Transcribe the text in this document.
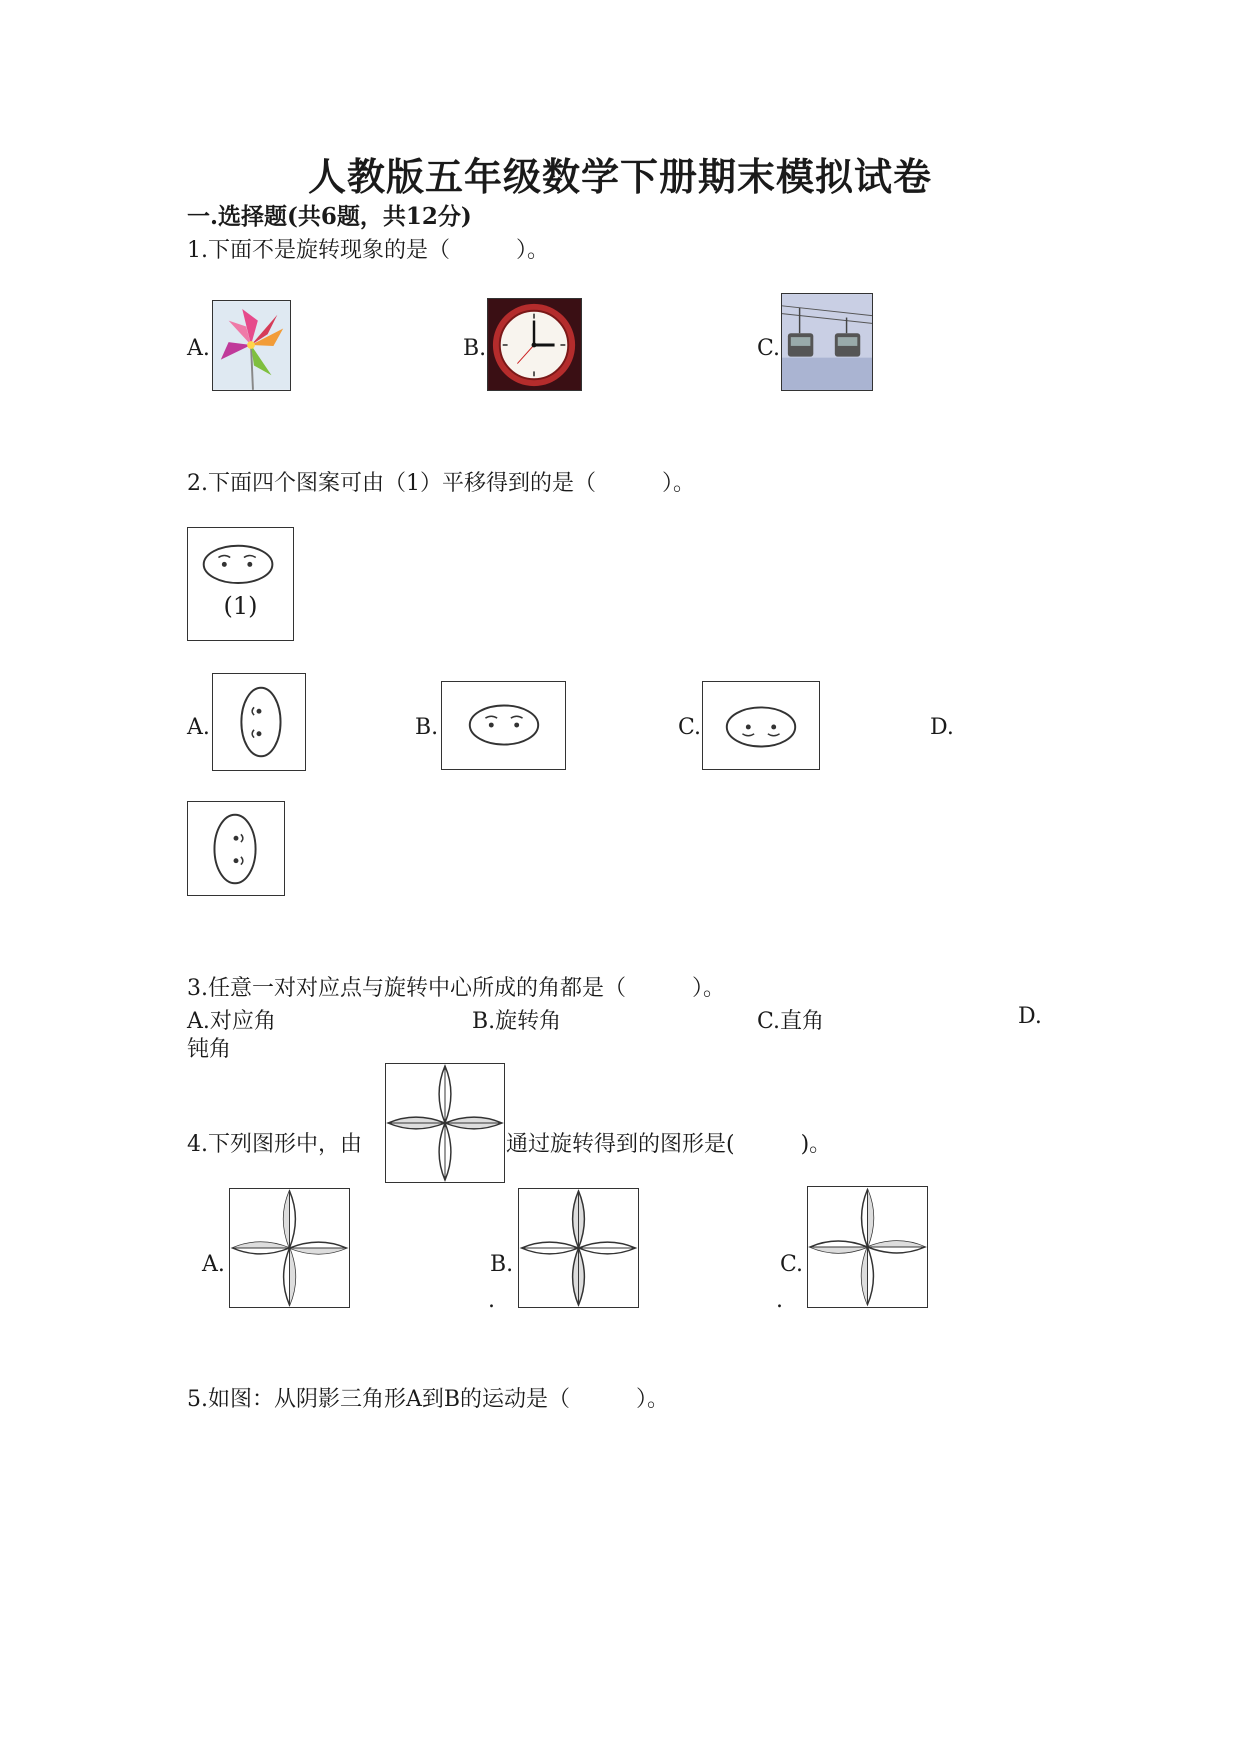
人教版五年级数学下册期末模拟试卷
一.选择题(共6题，共12分)
1.下面不是旋转现象的是（　　　）。
A.	B.	C.
2.下面四个图案可由（1）平移得到的是（　　　）。
(1)
A.	B.	C.	D.
3.任意一对对应点与旋转中心所成的角都是（　　　）。
A.对应角	B.旋转角	C.直角	D.
钝角
4.下列图形中，由	通过旋转得到的图形是(　　　)。
A.	B.
.
C.
.
5.如图：从阴影三角形A到B的运动是（　　　）。
